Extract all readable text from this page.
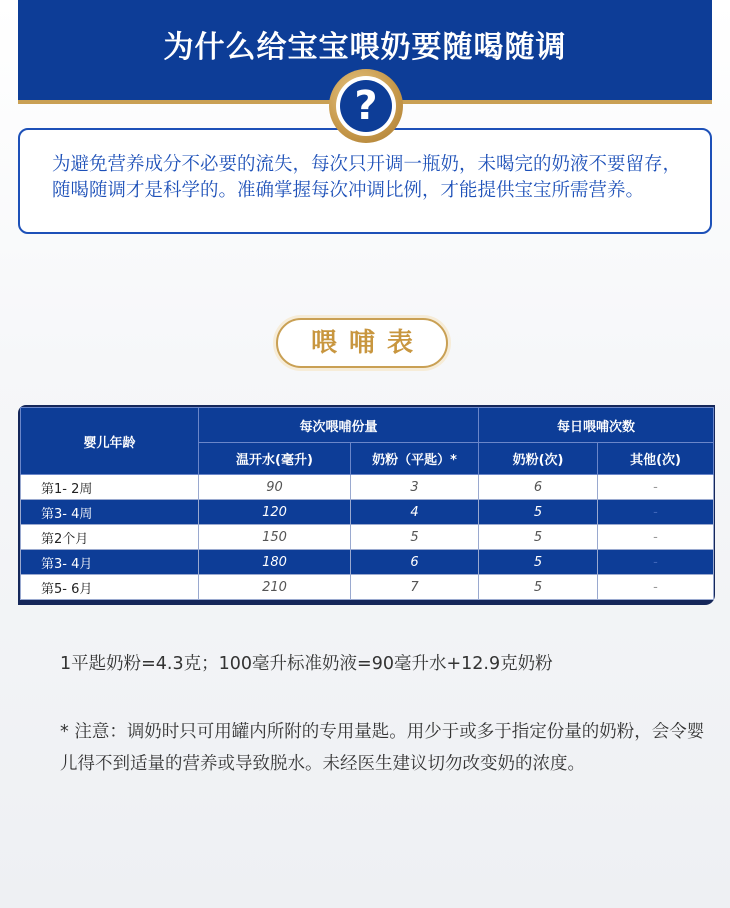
为什么给宝宝喂奶要随喝随调
?
为避免营养成分不必要的流失，每次只开调一瓶奶，未喝完的奶液不要留存，随喝随调才是科学的。准确掌握每次冲调比例，才能提供宝宝所需营养。
喂哺表
婴儿年龄	每次喂哺份量		每日喂哺次数	
	温开水(毫升)	奶粉（平匙）*	奶粉(次)	其他(次)
第1- 2周	90	3	6	-
第3- 4周	120	4	5	-
第2个月	150	5	5	-
第3- 4月	180	6	5	-
第5- 6月	210	7	5	-
1平匙奶粉=4.3克；100毫升标准奶液=90毫升水+12.9克奶粉
* 注意：调奶时只可用罐内所附的专用量匙。用少于或多于指定份量的奶粉，会令婴儿得不到适量的营养或导致脱水。未经医生建议切勿改变奶的浓度。
